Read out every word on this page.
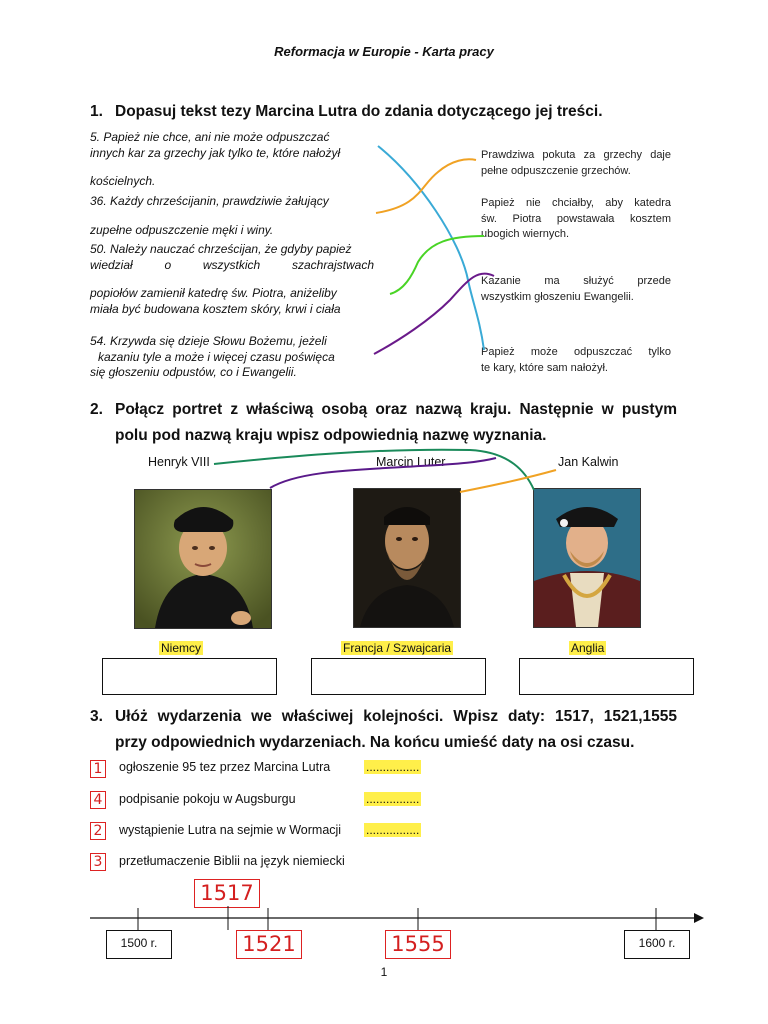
Reformacja w Europie - Karta pracy
1. Dopasuj tekst tezy Marcina Lutra do zdania dotyczącego jej treści.
5. Papież nie chce, ani nie może odpuszczać
innych kar za grzechy jak tylko te, które nałożył
kościelnych.
36. Każdy chrześcijanin, prawdziwie żałujący
zupełne odpuszczenie męki i winy.
50. Należy nauczać chrześcijan, że gdyby papież
wiedział o wszystkich szachrajstwach
popiołów zamienił katedrę św. Piotra, aniżeliby
miała być budowana kosztem skóry, krwi i ciała
54. Krzywda się dzieje Słowu Bożemu, jeżeli
kazaniu tyle a może i więcej czasu poświęca
się głoszeniu odpustów, co i Ewangelii.
Prawdziwa pokuta za grzechy daje
pełne odpuszczenie grzechów.
Papież nie chciałby, aby katedra
św. Piotra powstawała kosztem
ubogich wiernych.
Kazanie ma służyć przede
wszystkim głoszeniu Ewangelii.
Papież może odpuszczać tylko
te kary, które sam nałożył.
2. Połącz portret z właściwą osobą oraz nazwą kraju. Następnie w pustym
polu pod nazwą kraju wpisz odpowiednią nazwę wyznania.
Henryk VIII	Marcin Luter	Jan Kalwin
Niemcy	Francja / Szwajcaria	Anglia
3. Ułóż wydarzenia we właściwej kolejności. Wpisz daty: 1517, 1521,1555
przy odpowiednich wydarzeniach. Na końcu umieść daty na osi czasu.
1 ogłoszenie 95 tez przez Marcina Lutra	................
4 podpisanie pokoju w Augsburgu	................
2 wystąpienie Lutra na sejmie w Wormacji ................
3 przetłumaczenie Biblii na język niemiecki
1500 r.	1600 r.
1517
1521	1555
1
